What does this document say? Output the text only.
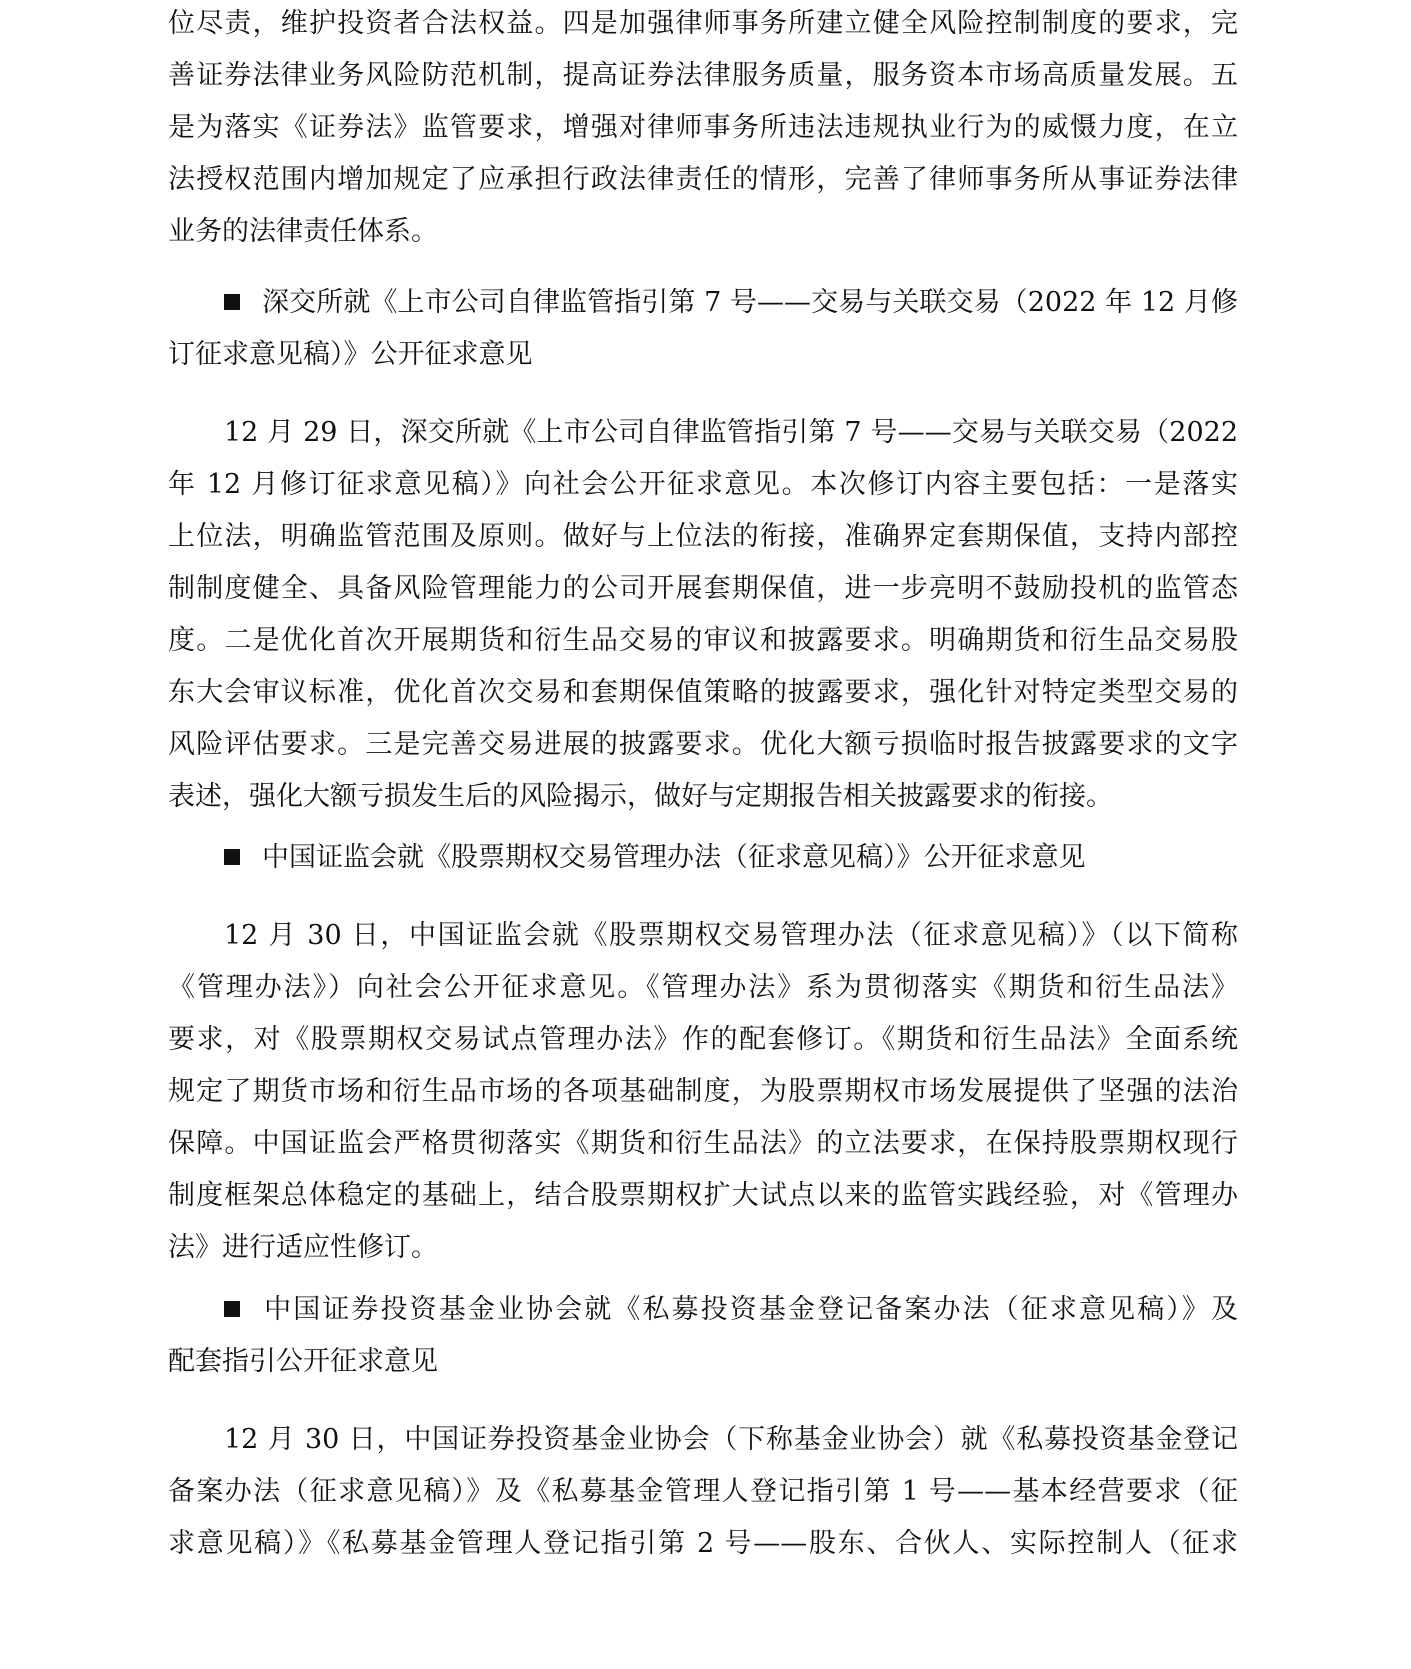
位尽责，维护投资者合法权益。四是加强律师事务所建立健全风险控制制度的要求，完
善证券法律业务风险防范机制，提高证券法律服务质量，服务资本市场高质量发展。五
是为落实《证券法》监管要求，增强对律师事务所违法违规执业行为的威慑力度，在立
法授权范围内增加规定了应承担行政法律责任的情形，完善了律师事务所从事证券法律
业务的法律责任体系。
深交所就《上市公司自律监管指引第 7 号——交易与关联交易（2022 年 12 月修
订征求意见稿）》公开征求意见
12 月 29 日，深交所就《上市公司自律监管指引第 7 号——交易与关联交易（2022
年 12 月修订征求意见稿）》向社会公开征求意见。本次修订内容主要包括：一是落实
上位法，明确监管范围及原则。做好与上位法的衔接，准确界定套期保值，支持内部控
制制度健全、具备风险管理能力的公司开展套期保值，进一步亮明不鼓励投机的监管态
度。二是优化首次开展期货和衍生品交易的审议和披露要求。明确期货和衍生品交易股
东大会审议标准，优化首次交易和套期保值策略的披露要求，强化针对特定类型交易的
风险评估要求。三是完善交易进展的披露要求。优化大额亏损临时报告披露要求的文字
表述，强化大额亏损发生后的风险揭示，做好与定期报告相关披露要求的衔接。
中国证监会就《股票期权交易管理办法（征求意见稿）》公开征求意见
12 月 30 日，中国证监会就《股票期权交易管理办法（征求意见稿）》（以下简称
《管理办法》）向社会公开征求意见。《管理办法》系为贯彻落实《期货和衍生品法》
要求，对《股票期权交易试点管理办法》作的配套修订。《期货和衍生品法》全面系统
规定了期货市场和衍生品市场的各项基础制度，为股票期权市场发展提供了坚强的法治
保障。中国证监会严格贯彻落实《期货和衍生品法》的立法要求，在保持股票期权现行
制度框架总体稳定的基础上，结合股票期权扩大试点以来的监管实践经验，对《管理办
法》进行适应性修订。
中国证券投资基金业协会就《私募投资基金登记备案办法（征求意见稿）》及
配套指引公开征求意见
12 月 30 日，中国证券投资基金业协会（下称基金业协会）就《私募投资基金登记
备案办法（征求意见稿）》及《私募基金管理人登记指引第 1 号——基本经营要求（征
求意见稿）》《私募基金管理人登记指引第 2 号——股东、合伙人、实际控制人（征求
